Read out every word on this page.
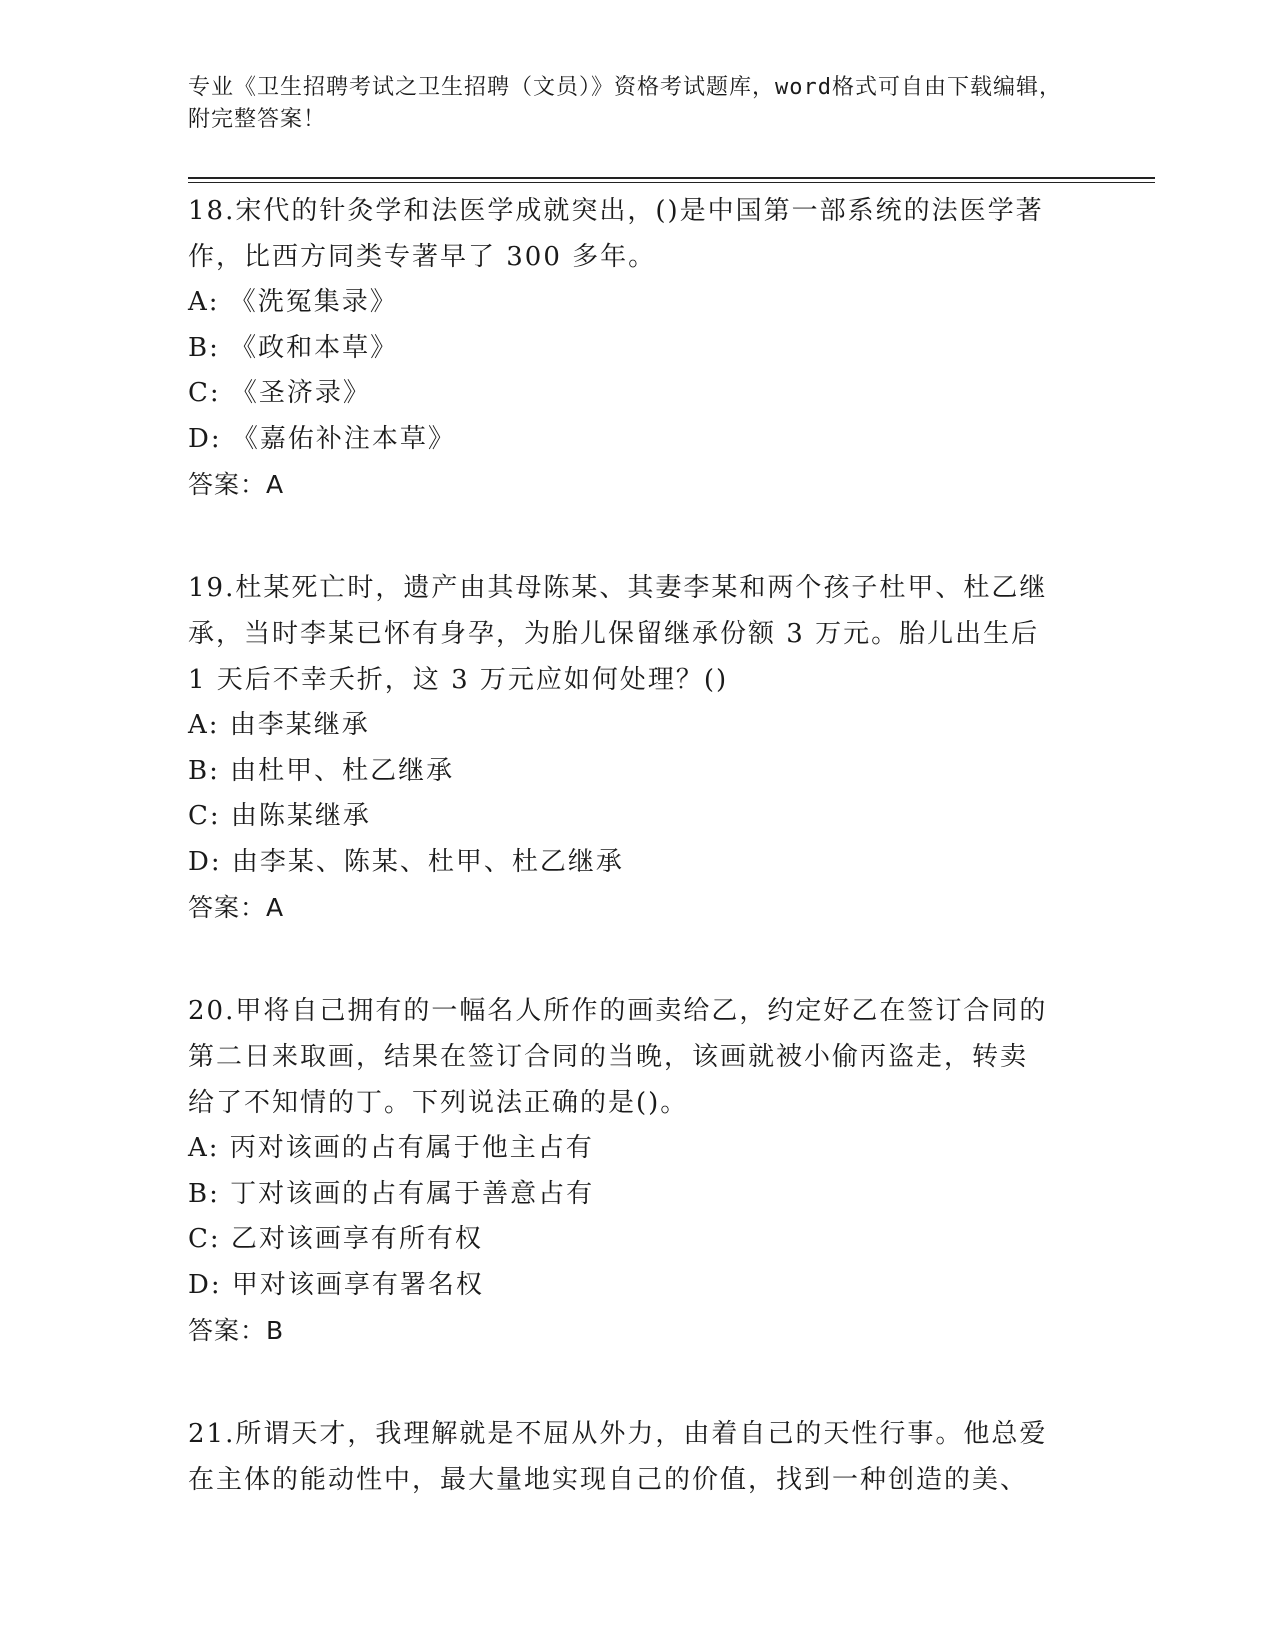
专业《卫生招聘考试之卫生招聘（文员）》资格考试题库，word格式可自由下载编辑，附完整答案！

18.宋代的针灸学和法医学成就突出，()是中国第一部系统的法医学著

作，比西方同类专著早了 300 多年。

A: 《洗冤集录》

B: 《政和本草》

C: 《圣济录》

D: 《嘉佑补注本草》

答案：A

19.杜某死亡时，遗产由其母陈某、其妻李某和两个孩子杜甲、杜乙继

承，当时李某已怀有身孕，为胎儿保留继承份额 3 万元。胎儿出生后

1 天后不幸夭折，这 3 万元应如何处理？()

A: 由李某继承

B: 由杜甲、杜乙继承

C: 由陈某继承

D: 由李某、陈某、杜甲、杜乙继承

答案：A

20.甲将自己拥有的一幅名人所作的画卖给乙，约定好乙在签订合同的

第二日来取画，结果在签订合同的当晚，该画就被小偷丙盗走，转卖

给了不知情的丁。下列说法正确的是()。

A: 丙对该画的占有属于他主占有

B: 丁对该画的占有属于善意占有

C: 乙对该画享有所有权

D: 甲对该画享有署名权

答案：B

21.所谓天才，我理解就是不屈从外力，由着自己的天性行事。他总爱

在主体的能动性中，最大量地实现自己的价值，找到一种创造的美、
